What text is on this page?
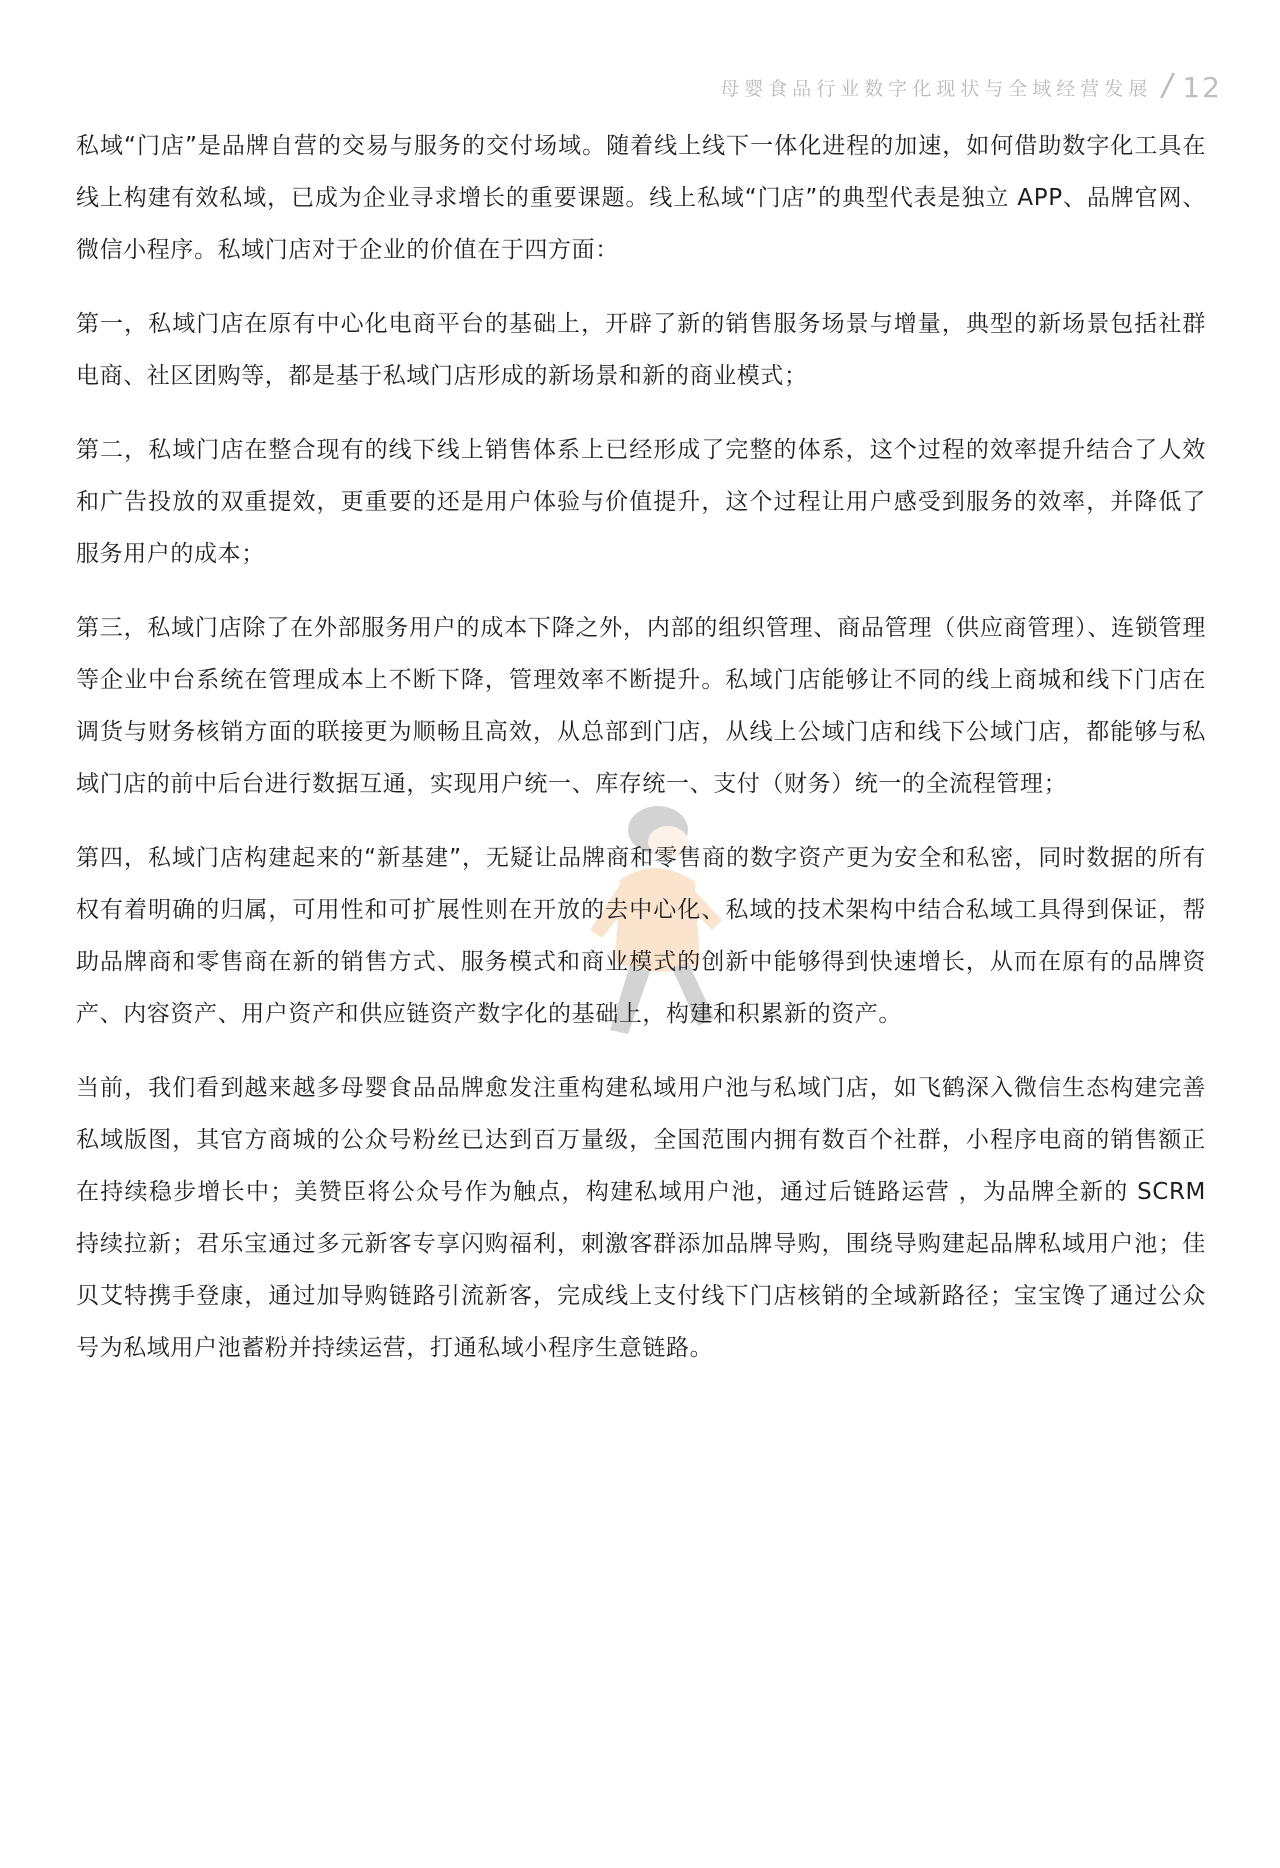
母婴食品行业数字化现状与全域经营发展 / 12

私域“门店”是品牌自营的交易与服务的交付场域。随着线上线下一体化进程的加速，如何借助数字化工具在线上构建有效私域，已成为企业寻求增长的重要课题。线上私域“门店”的典型代表是独立 APP、品牌官网、微信小程序。私域门店对于企业的价值在于四方面：

第一，私域门店在原有中心化电商平台的基础上，开辟了新的销售服务场景与增量，典型的新场景包括社群电商、社区团购等，都是基于私域门店形成的新场景和新的商业模式；

第二，私域门店在整合现有的线下线上销售体系上已经形成了完整的体系，这个过程的效率提升结合了人效和广告投放的双重提效，更重要的还是用户体验与价值提升，这个过程让用户感受到服务的效率，并降低了服务用户的成本；

第三，私域门店除了在外部服务用户的成本下降之外，内部的组织管理、商品管理（供应商管理）、连锁管理等企业中台系统在管理成本上不断下降，管理效率不断提升。私域门店能够让不同的线上商城和线下门店在调货与财务核销方面的联接更为顺畅且高效，从总部到门店，从线上公域门店和线下公域门店，都能够与私域门店的前中后台进行数据互通，实现用户统一、库存统一、支付（财务）统一的全流程管理；

第四，私域门店构建起来的“新基建”，无疑让品牌商和零售商的数字资产更为安全和私密，同时数据的所有权有着明确的归属，可用性和可扩展性则在开放的去中心化、私域的技术架构中结合私域工具得到保证，帮助品牌商和零售商在新的销售方式、服务模式和商业模式的创新中能够得到快速增长，从而在原有的品牌资产、内容资产、用户资产和供应链资产数字化的基础上，构建和积累新的资产。

当前，我们看到越来越多母婴食品品牌愈发注重构建私域用户池与私域门店，如飞鹤深入微信生态构建完善私域版图，其官方商城的公众号粉丝已达到百万量级，全国范围内拥有数百个社群，小程序电商的销售额正在持续稳步增长中；美赞臣将公众号作为触点，构建私域用户池，通过后链路运营 ，为品牌全新的 SCRM 持续拉新；君乐宝通过多元新客专享闪购福利，刺激客群添加品牌导购，围绕导购建起品牌私域用户池；佳贝艾特携手登康，通过加导购链路引流新客，完成线上支付线下门店核销的全域新路径；宝宝馋了通过公众号为私域用户池蓄粉并持续运营，打通私域小程序生意链路。
